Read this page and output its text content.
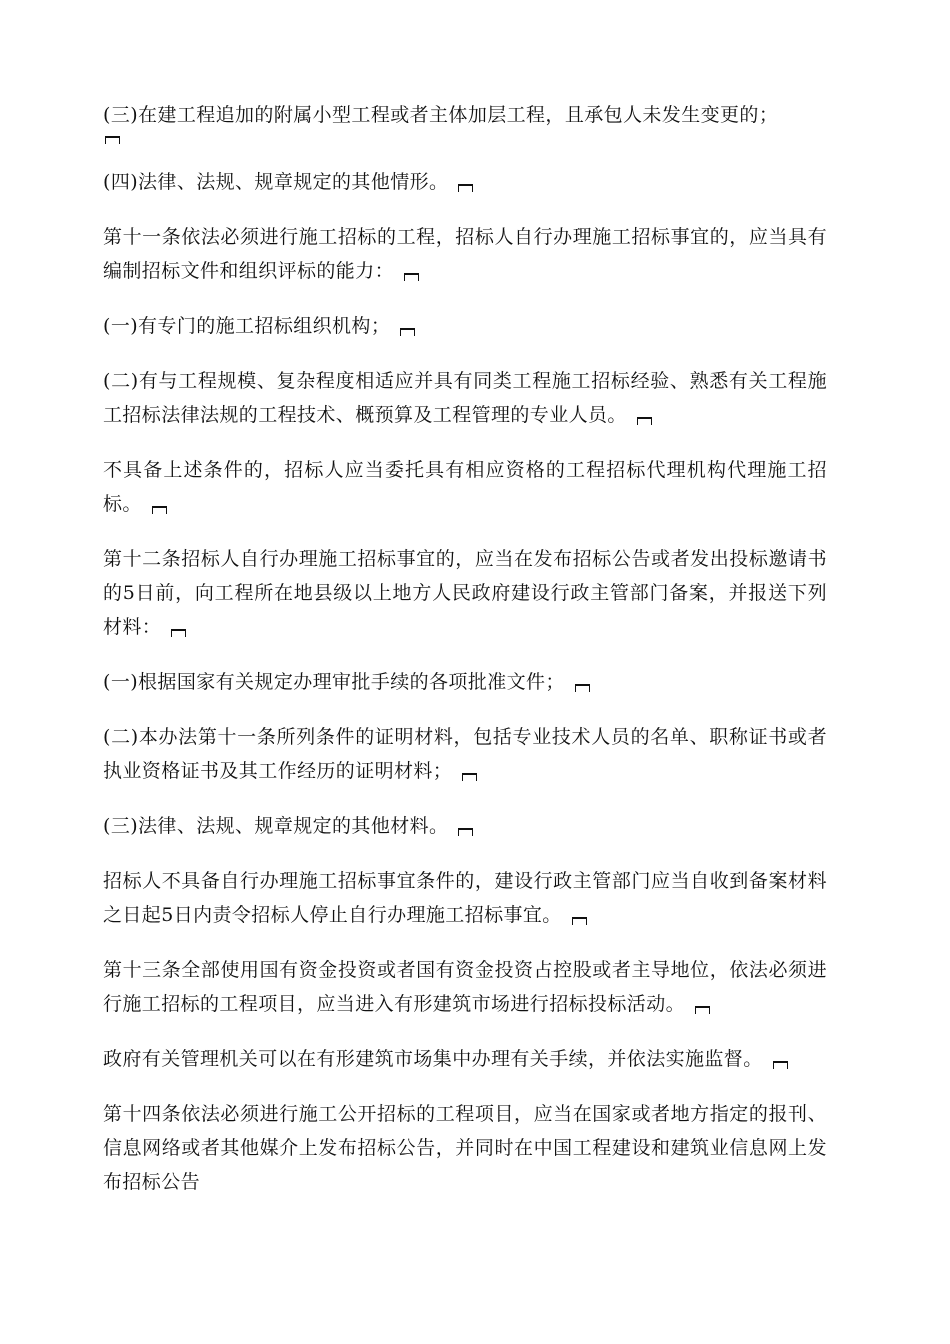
(三)在建工程追加的附属小型工程或者主体加层工程，且承包人未发生变更的；

(四)法律、法规、规章规定的其他情形。

第十一条依法必须进行施工招标的工程，招标人自行办理施工招标事宜的，应当具有编制招标文件和组织评标的能力：

(一)有专门的施工招标组织机构；

(二)有与工程规模、复杂程度相适应并具有同类工程施工招标经验、熟悉有关工程施工招标法律法规的工程技术、概预算及工程管理的专业人员。

不具备上述条件的，招标人应当委托具有相应资格的工程招标代理机构代理施工招标。

第十二条招标人自行办理施工招标事宜的，应当在发布招标公告或者发出投标邀请书的5日前，向工程所在地县级以上地方人民政府建设行政主管部门备案，并报送下列材料：

(一)根据国家有关规定办理审批手续的各项批准文件；

(二)本办法第十一条所列条件的证明材料，包括专业技术人员的名单、职称证书或者执业资格证书及其工作经历的证明材料；

(三)法律、法规、规章规定的其他材料。

招标人不具备自行办理施工招标事宜条件的，建设行政主管部门应当自收到备案材料之日起5日内责令招标人停止自行办理施工招标事宜。

第十三条全部使用国有资金投资或者国有资金投资占控股或者主导地位，依法必须进行施工招标的工程项目，应当进入有形建筑市场进行招标投标活动。

政府有关管理机关可以在有形建筑市场集中办理有关手续，并依法实施监督。

第十四条依法必须进行施工公开招标的工程项目，应当在国家或者地方指定的报刊、信息网络或者其他媒介上发布招标公告，并同时在中国工程建设和建筑业信息网上发布招标公告
